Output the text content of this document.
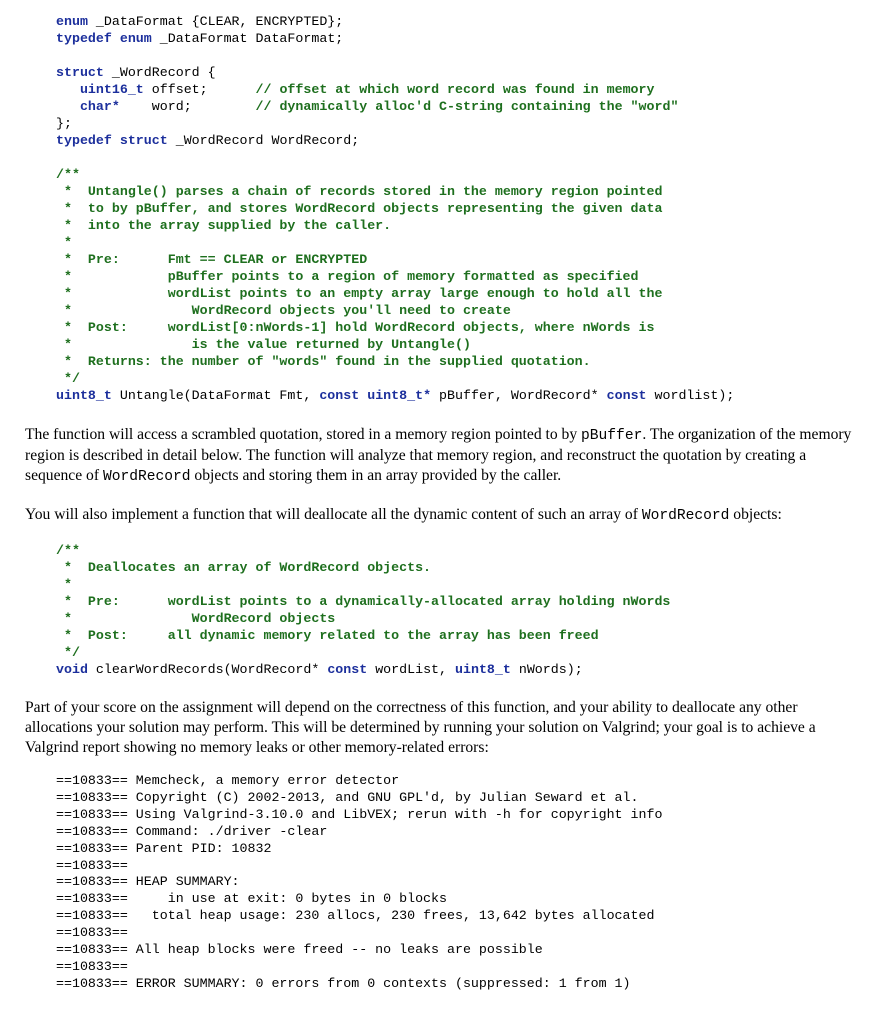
enum _DataFormat {CLEAR, ENCRYPTED};
typedef enum _DataFormat DataFormat;

struct _WordRecord {
uint16_t offset;      // offset at which word record was found in memory
char*    word;        // dynamically alloc'd C-string containing the "word"
};
typedef struct _WordRecord WordRecord;
/**
*  Untangle() parses a chain of records stored in the memory region pointed
*  to by pBuffer, and stores WordRecord objects representing the given data
*  into the array supplied by the caller.
*
*  Pre:      Fmt == CLEAR or ENCRYPTED
*            pBuffer points to a region of memory formatted as specified
*            wordList points to an empty array large enough to hold all the
*               WordRecord objects you'll need to create
*  Post:     wordList[0:nWords-1] hold WordRecord objects, where nWords is
*               is the value returned by Untangle()
*  Returns: the number of "words" found in the supplied quotation.
*/
uint8_t Untangle(DataFormat Fmt, const uint8_t* pBuffer, WordRecord* const wordlist);

The function will access a scrambled quotation, stored in a memory region pointed to by pBuffer. The organization of the memory region is described in detail below. The function will analyze that memory region, and reconstruct the quotation by creating a sequence of WordRecord objects and storing them in an array provided by the caller.

You will also implement a function that will deallocate all the dynamic content of such an array of WordRecord objects:

/**
*  Deallocates an array of WordRecord objects.
*
*  Pre:      wordList points to a dynamically-allocated array holding nWords
*               WordRecord objects
*  Post:     all dynamic memory related to the array has been freed
*/
void clearWordRecords(WordRecord* const wordList, uint8_t nWords);

Part of your score on the assignment will depend on the correctness of this function, and your ability to deallocate any other allocations your solution may perform. This will be determined by running your solution on Valgrind; your goal is to achieve a Valgrind report showing no memory leaks or other memory-related errors:

==10833== Memcheck, a memory error detector
==10833== Copyright (C) 2002-2013, and GNU GPL'd, by Julian Seward et al.
==10833== Using Valgrind-3.10.0 and LibVEX; rerun with -h for copyright info
==10833== Command: ./driver -clear
==10833== Parent PID: 10832
==10833==
==10833== HEAP SUMMARY:
==10833==     in use at exit: 0 bytes in 0 blocks
==10833==   total heap usage: 230 allocs, 230 frees, 13,642 bytes allocated
==10833==
==10833== All heap blocks were freed -- no leaks are possible
==10833==
==10833== ERROR SUMMARY: 0 errors from 0 contexts (suppressed: 1 from 1)
